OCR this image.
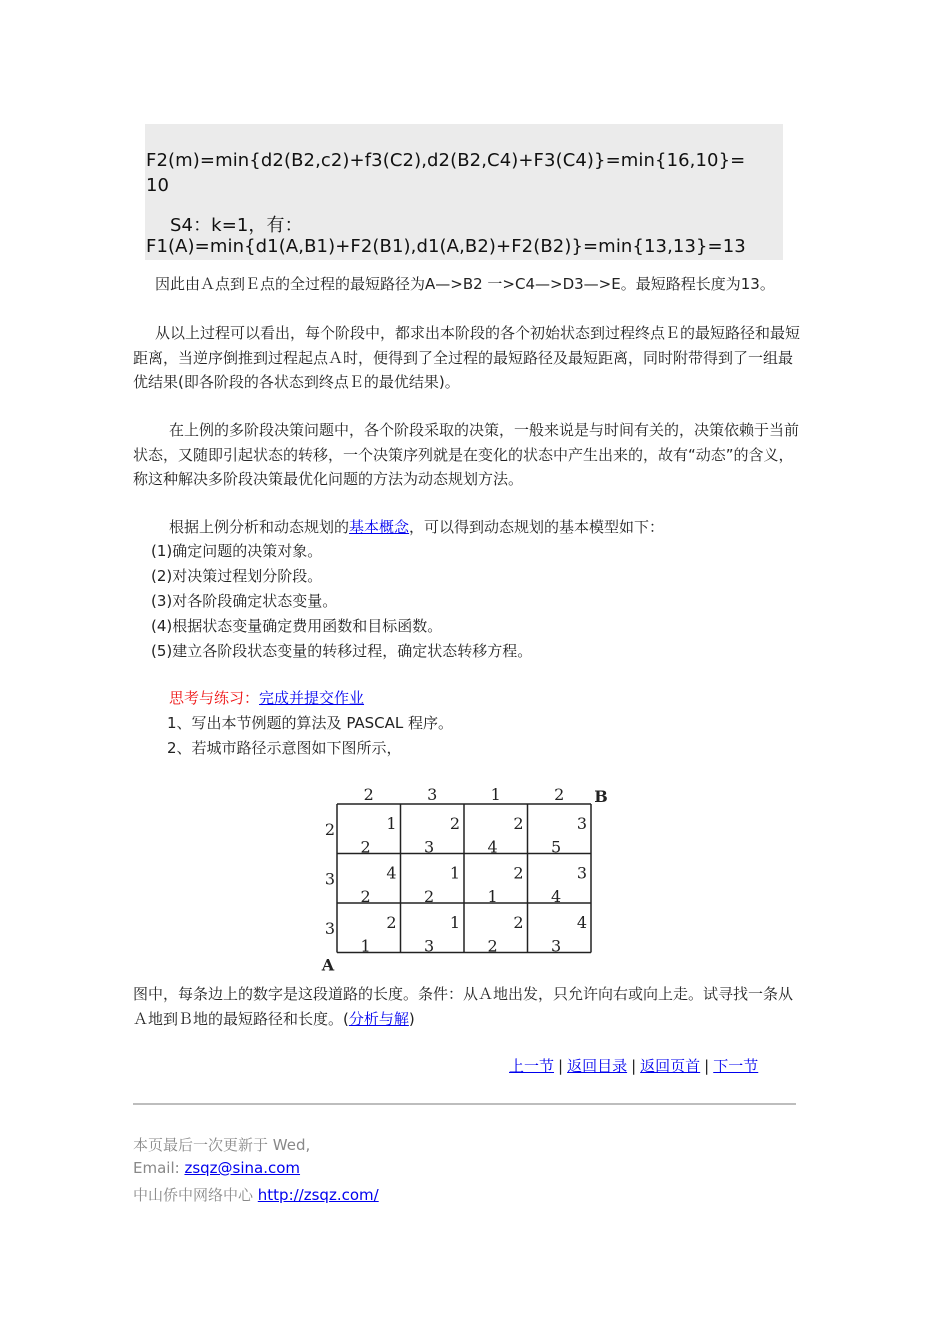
F2(m)=min{d2(B2,c2)+f3(C2),d2(B2,C4)+F3(C4)}=min{16,10}=
10
S4：k=1，有：
F1(A)=min{d1(A,B1)+F2(B1),d1(A,B2)+F2(B2)}=min{13,13}=13

因此由Ａ点到Ｅ点的全过程的最短路径为A—>B2 一>C4—>D3—>E。最短路程长度为13。

从以上过程可以看出，每个阶段中，都求出本阶段的各个初始状态到过程终点Ｅ的最短路径和最短距离，当逆序倒推到过程起点Ａ时，便得到了全过程的最短路径及最短距离，同时附带得到了一组最优结果(即各阶段的各状态到终点Ｅ的最优结果)。

在上例的多阶段决策问题中，各个阶段采取的决策，一般来说是与时间有关的，决策依赖于当前状态，又随即引起状态的转移，一个决策序列就是在变化的状态中产生出来的，故有“动态”的含义，称这种解决多阶段决策最优化问题的方法为动态规划方法。

根据上例分析和动态规划的基本概念，可以得到动态规划的基本模型如下：

(1)确定问题的决策对象。
(2)对决策过程划分阶段。
(3)对各阶段确定状态变量。
(4)根据状态变量确定费用函数和目标函数。
(5)建立各阶段状态变量的转移过程，确定状态转移方程。
思考与练习：完成并提交作业
1、写出本节例题的算法及 PASCAL 程序。
2、若城市路径示意图如下图所示，
2	3	1	2
2
2
1
3
2
4
2
5
3
3
2
4
2
1
1
2
4
3
3
1
2
3
1
2
2
3
4
B
A

图中，每条边上的数字是这段道路的长度。条件：从Ａ地出发，只允许向右或向上走。试寻找一条从Ａ地到Ｂ地的最短路径和长度。(分析与解)

上一节 | 返回目录 | 返回页首 | 下一节
本页最后一次更新于 Wed,
Email: zsqz@sina.com
中山侨中网络中心 http://zsqz.com/
